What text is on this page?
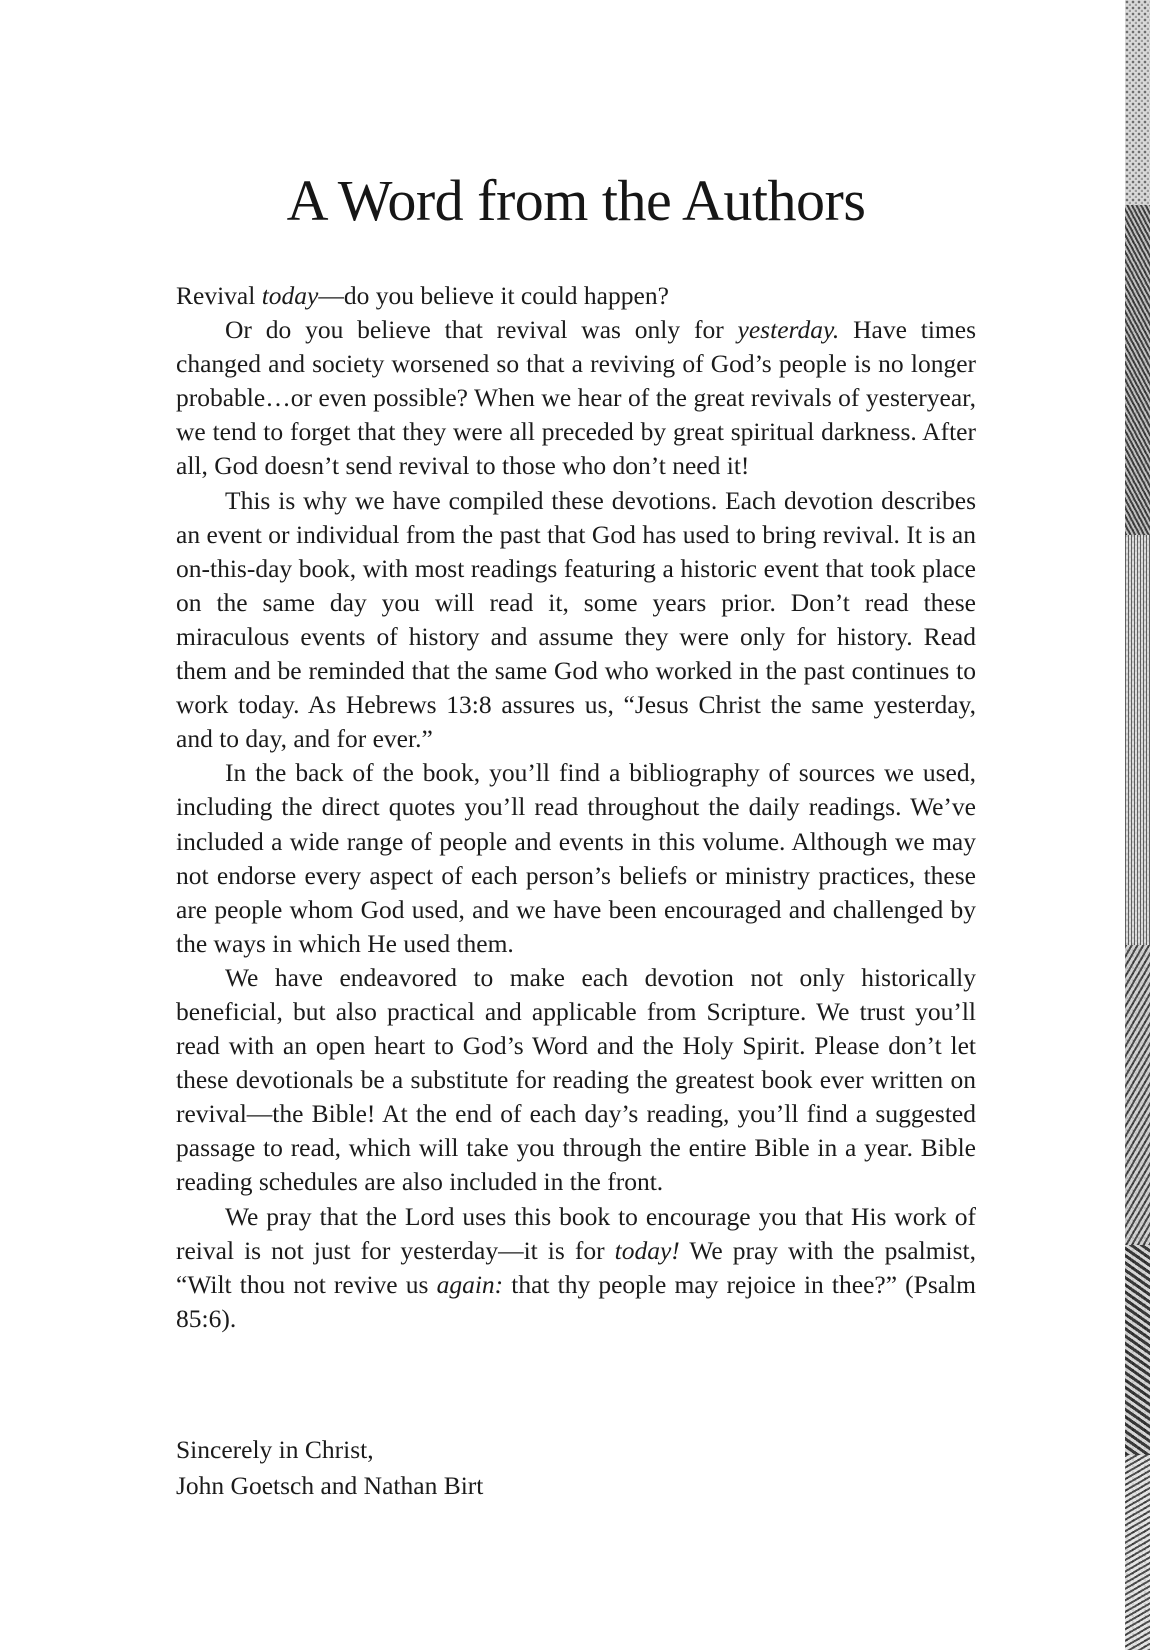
A Word from the Authors

Revival today—do you believe it could happen?

Or do you believe that revival was only for yesterday. Have times changed and society worsened so that a reviving of God’s people is no longer probable…or even possible? When we hear of the great revivals of yesteryear, we tend to forget that they were all preceded by great spiritual darkness. After all, God doesn’t send revival to those who don’t need it!

This is why we have compiled these devotions. Each devotion describes an event or individual from the past that God has used to bring revival. It is an on-this-day book, with most readings featuring a historic event that took place on the same day you will read it, some years prior. Don’t read these miraculous events of history and assume they were only for history. Read them and be reminded that the same God who worked in the past continues to work today. As Hebrews 13:8 assures us, “Jesus Christ the same yesterday, and to day, and for ever.”

In the back of the book, you’ll find a bibliography of sources we used, including the direct quotes you’ll read throughout the daily readings. We’ve included a wide range of people and events in this volume. Although we may not endorse every aspect of each person’s beliefs or ministry practices, these are people whom God used, and we have been encouraged and challenged by the ways in which He used them.

We have endeavored to make each devotion not only historically beneficial, but also practical and applicable from Scripture. We trust you’ll read with an open heart to God’s Word and the Holy Spirit. Please don’t let these devotionals be a substitute for reading the greatest book ever written on revival—the Bible! At the end of each day’s reading, you’ll find a suggested passage to read, which will take you through the entire Bible in a year. Bible reading schedules are also included in the front.

We pray that the Lord uses this book to encourage you that His work of reival is not just for yesterday—it is for today! We pray with the psalmist, “Wilt thou not revive us again: that thy people may rejoice in thee?” (Psalm 85:6).

Sincerely in Christ,
John Goetsch and Nathan Birt
